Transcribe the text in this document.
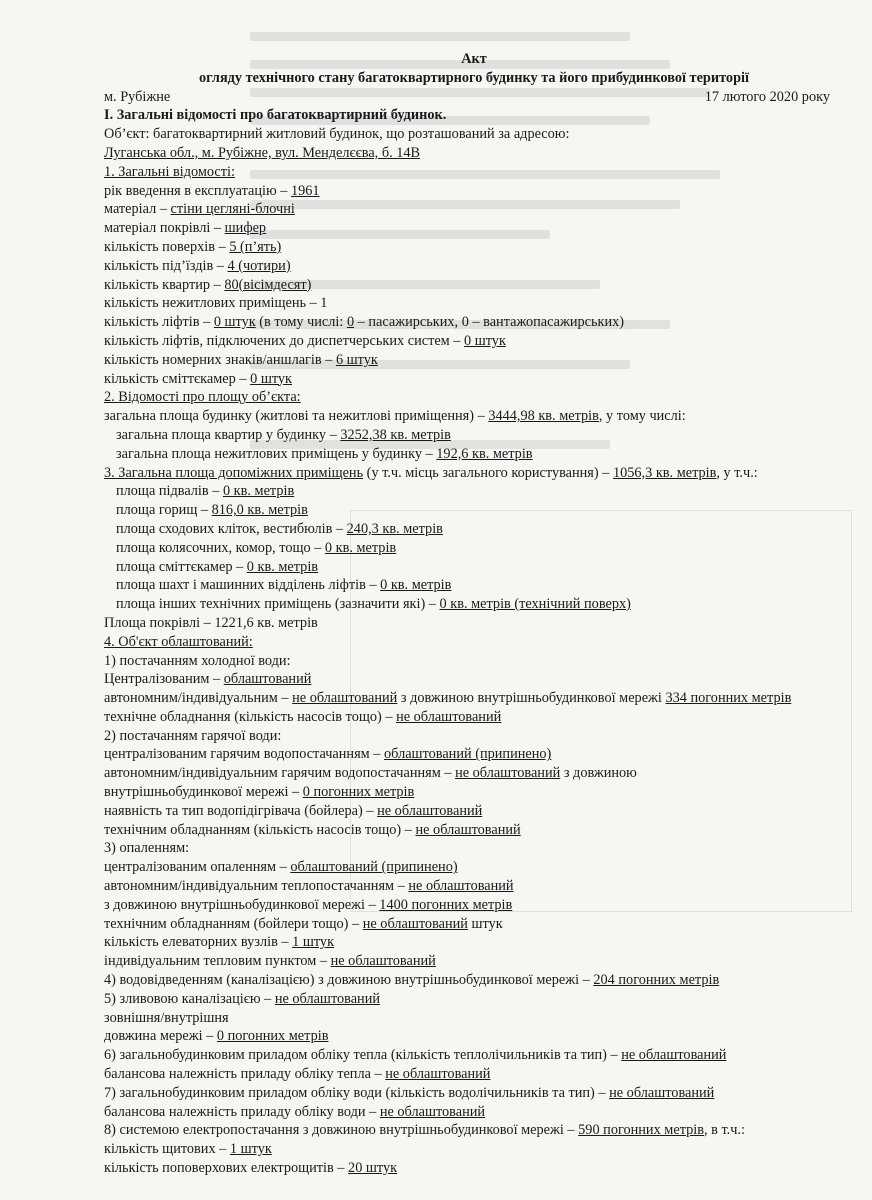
Акт
огляду технічного стану багатоквартирного будинку та його прибудинкової території
м. Рубіжне	17 лютого 2020 року
І. Загальні відомості про багатоквартирний будинок.
Об’єкт: багатоквартирний житловий будинок, що розташований за адресою:
Луганська обл., м. Рубіжне, вул. Менделєєва, б. 14В
1. Загальні відомості:
рік введення в експлуатацію – 1961
матеріал – стіни цегляні-блочні
матеріал покрівлі – шифер
кількість поверхів – 5 (п’ять)
кількість під’їздів – 4 (чотири)
кількість квартир – 80(вісімдесят)
кількість нежитлових приміщень – 1
кількість ліфтів – 0 штук (в тому числі: 0 – пасажирських, 0 – вантажопасажирських)
кількість ліфтів, підключених до диспетчерських систем – 0 штук
кількість номерних знаків/аншлагів – 6 штук
кількість сміттєкамер – 0 штук
2. Відомості про площу об’єкта:
загальна площа будинку (житлові та нежитлові приміщення) – 3444,98 кв. метрів, у тому числі:
загальна площа квартир у будинку – 3252,38 кв. метрів
загальна площа нежитлових приміщень у будинку – 192,6 кв. метрів
3. Загальна площа допоміжних приміщень (у т.ч. місць загального користування) – 1056,3 кв. метрів, у т.ч.:
площа підвалів – 0 кв. метрів
площа горищ – 816,0 кв. метрів
площа сходових кліток, вестибюлів – 240,3 кв. метрів
площа колясочних, комор, тощо – 0 кв. метрів
площа сміттєкамер – 0 кв. метрів
площа шахт і машинних відділень ліфтів – 0 кв. метрів
площа інших технічних приміщень (зазначити які) – 0 кв. метрів (технічний поверх)
Площа покрівлі – 1221,6 кв. метрів
4. Об'єкт облаштований:
1) постачанням холодної води:
Централізованим – облаштований
автономним/індивідуальним – не облаштований з довжиною внутрішньобудинкової мережі 334 погонних метрів
технічне обладнання (кількість насосів тощо) – не облаштований
2) постачанням гарячої води:
централізованим гарячим водопостачанням – облаштований (припинено)
автономним/індивідуальним гарячим водопостачанням – не облаштований з довжиною
внутрішньобудинкової мережі – 0 погонних метрів
наявність та тип водопідігрівача (бойлера) – не облаштований
технічним обладнанням (кількість насосів тощо) – не облаштований
3) опаленням:
централізованим опаленням – облаштований (припинено)
автономним/індивідуальним теплопостачанням – не облаштований
з довжиною внутрішньобудинкової мережі – 1400 погонних метрів
технічним обладнанням (бойлери тощо) – не облаштований штук
кількість елеваторних вузлів – 1 штук
індивідуальним тепловим пунктом – не облаштований
4) водовідведенням (каналізацією) з довжиною внутрішньобудинкової мережі – 204 погонних метрів
5) зливовою каналізацією – не облаштований
зовнішня/внутрішня
довжина мережі – 0 погонних метрів
6) загальнобудинковим приладом обліку тепла (кількість теплолічильників та тип) – не облаштований
балансова належність приладу обліку тепла – не облаштований
7) загальнобудинковим приладом обліку води (кількість водолічильників та тип) – не облаштований
балансова належність приладу обліку води – не облаштований
8) системою електропостачання з довжиною внутрішньобудинкової мережі – 590 погонних метрів, в т.ч.:
кількість щитових – 1 штук
кількість поповерхових електрощитів – 20 штук
